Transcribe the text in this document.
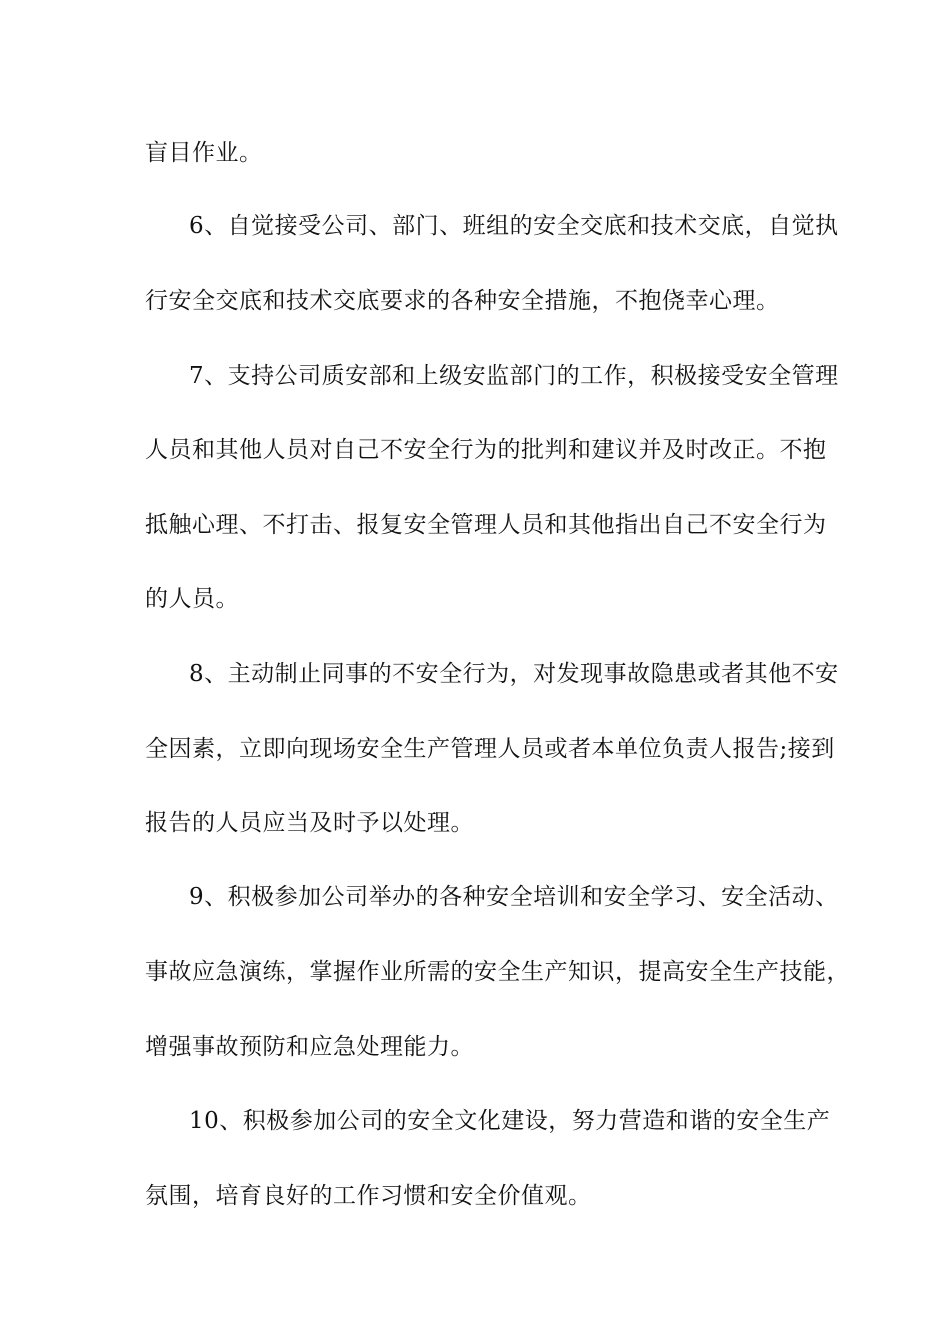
盲目作业。
6、自觉接受公司、部门、班组的安全交底和技术交底，自觉执
行安全交底和技术交底要求的各种安全措施，不抱侥幸心理。
7、支持公司质安部和上级安监部门的工作，积极接受安全管理
人员和其他人员对自己不安全行为的批判和建议并及时改正。不抱
抵触心理、不打击、报复安全管理人员和其他指出自己不安全行为
的人员。
8、主动制止同事的不安全行为，对发现事故隐患或者其他不安
全因素，立即向现场安全生产管理人员或者本单位负责人报告;接到
报告的人员应当及时予以处理。
9、积极参加公司举办的各种安全培训和安全学习、安全活动、
事故应急演练，掌握作业所需的安全生产知识，提高安全生产技能，
增强事故预防和应急处理能力。
10、积极参加公司的安全文化建设，努力营造和谐的安全生产
氛围，培育良好的工作习惯和安全价值观。
